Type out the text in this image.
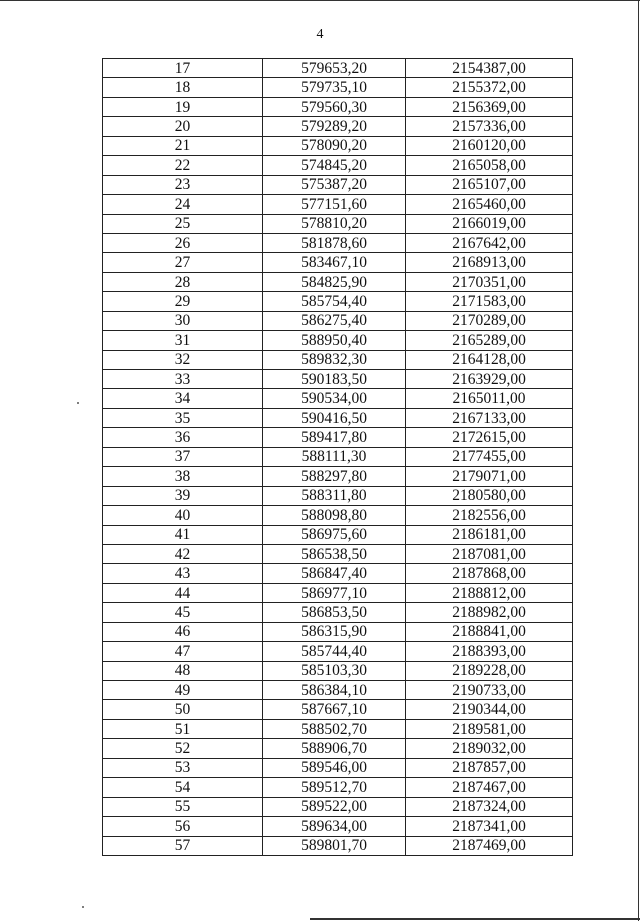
4
17	579653,20	2154387,00
18	579735,10	2155372,00
19	579560,30	2156369,00
20	579289,20	2157336,00
21	578090,20	2160120,00
22	574845,20	2165058,00
23	575387,20	2165107,00
24	577151,60	2165460,00
25	578810,20	2166019,00
26	581878,60	2167642,00
27	583467,10	2168913,00
28	584825,90	2170351,00
29	585754,40	2171583,00
30	586275,40	2170289,00
31	588950,40	2165289,00
32	589832,30	2164128,00
33	590183,50	2163929,00
34	590534,00	2165011,00
35	590416,50	2167133,00
36	589417,80	2172615,00
37	588111,30	2177455,00
38	588297,80	2179071,00
39	588311,80	2180580,00
40	588098,80	2182556,00
41	586975,60	2186181,00
42	586538,50	2187081,00
43	586847,40	2187868,00
44	586977,10	2188812,00
45	586853,50	2188982,00
46	586315,90	2188841,00
47	585744,40	2188393,00
48	585103,30	2189228,00
49	586384,10	2190733,00
50	587667,10	2190344,00
51	588502,70	2189581,00
52	588906,70	2189032,00
53	589546,00	2187857,00
54	589512,70	2187467,00
55	589522,00	2187324,00
56	589634,00	2187341,00
57	589801,70	2187469,00
